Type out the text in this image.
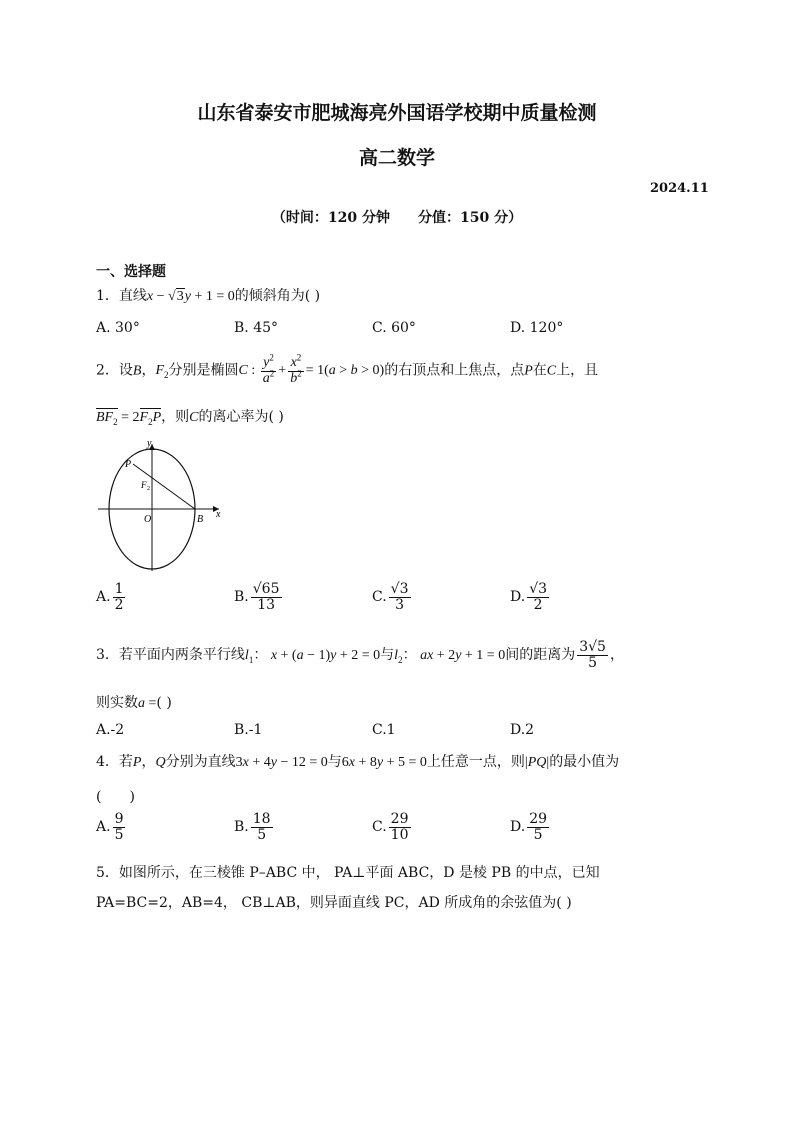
山东省泰安市肥城海亮外国语学校期中质量检测
高二数学
2024.11
（时间：120 分钟　　分值：150 分）
一、选择题
1．直线x − √3y + 1 = 0的倾斜角为( )
A. 30°	B. 45°	C. 60°	D. 120°
2．设B，$F_2$分别是椭圆C : $\frac{y^2}{a^2} + \frac{x^2}{b^2} = 1(a > b > 0)$的右顶点和上焦点，点P在C上，且
$BF_2 = 2F_2P$，则C的离心率为( )
y
x
P
F 2
O	B
A. $\frac{1}{2}$	B. $\frac{√65}{13}$	C. $\frac{√3}{3}$	D. $\frac{√3}{2}$
3．若平面内两条平行线$l_1$： x + (a − 1)y + 2 = 0与$l_2$： ax + 2y + 1 = 0间的距离为 $\frac{3√5}{5}$ ，
则实数a =( )
A.-2	B.-1	C.1	D.2
4．若P，Q分别为直线3x + 4y − 12 = 0与6x + 8y + 5 = 0上任意一点，则|PQ|的最小值为
(　　)
A. $\frac{9}{5}$	B. $\frac{18}{5}$	C. $\frac{29}{10}$	D. $\frac{29}{5}$
5．如图所示，在三棱锥 P–ABC 中， PA⊥平面 ABC，D 是棱 PB 的中点，已知
PA=BC=2，AB=4， CB⊥AB，则异面直线 PC，AD 所成角的余弦值为( )
